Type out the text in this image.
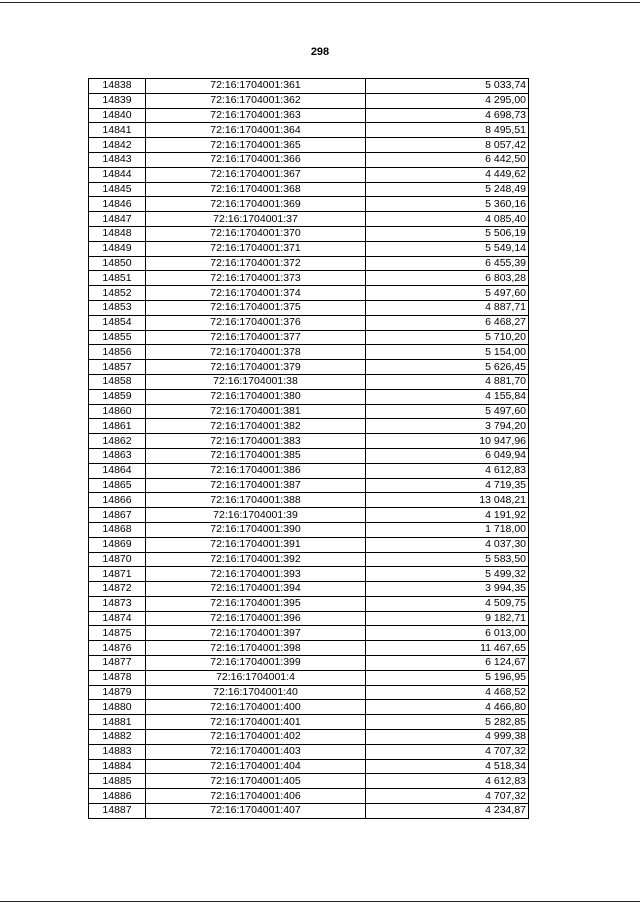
298
14838	72:16:1704001:361	5 033,74
14839	72:16:1704001:362	4 295,00
14840	72:16:1704001:363	4 698,73
14841	72:16:1704001:364	8 495,51
14842	72:16:1704001:365	8 057,42
14843	72:16:1704001:366	6 442,50
14844	72:16:1704001:367	4 449,62
14845	72:16:1704001:368	5 248,49
14846	72:16:1704001:369	5 360,16
14847	72:16:1704001:37	4 085,40
14848	72:16:1704001:370	5 506,19
14849	72:16:1704001:371	5 549,14
14850	72:16:1704001:372	6 455,39
14851	72:16:1704001:373	6 803,28
14852	72:16:1704001:374	5 497,60
14853	72:16:1704001:375	4 887,71
14854	72:16:1704001:376	6 468,27
14855	72:16:1704001:377	5 710,20
14856	72:16:1704001:378	5 154,00
14857	72:16:1704001:379	5 626,45
14858	72:16:1704001:38	4 881,70
14859	72:16:1704001:380	4 155,84
14860	72:16:1704001:381	5 497,60
14861	72:16:1704001:382	3 794,20
14862	72:16:1704001:383	10 947,96
14863	72:16:1704001:385	6 049,94
14864	72:16:1704001:386	4 612,83
14865	72:16:1704001:387	4 719,35
14866	72:16:1704001:388	13 048,21
14867	72:16:1704001:39	4 191,92
14868	72:16:1704001:390	1 718,00
14869	72:16:1704001:391	4 037,30
14870	72:16:1704001:392	5 583,50
14871	72:16:1704001:393	5 499,32
14872	72:16:1704001:394	3 994,35
14873	72:16:1704001:395	4 509,75
14874	72:16:1704001:396	9 182,71
14875	72:16:1704001:397	6 013,00
14876	72:16:1704001:398	11 467,65
14877	72:16:1704001:399	6 124,67
14878	72:16:1704001:4	5 196,95
14879	72:16:1704001:40	4 468,52
14880	72:16:1704001:400	4 466,80
14881	72:16:1704001:401	5 282,85
14882	72:16:1704001:402	4 999,38
14883	72:16:1704001:403	4 707,32
14884	72:16:1704001:404	4 518,34
14885	72:16:1704001:405	4 612,83
14886	72:16:1704001:406	4 707,32
14887	72:16:1704001:407	4 234,87
